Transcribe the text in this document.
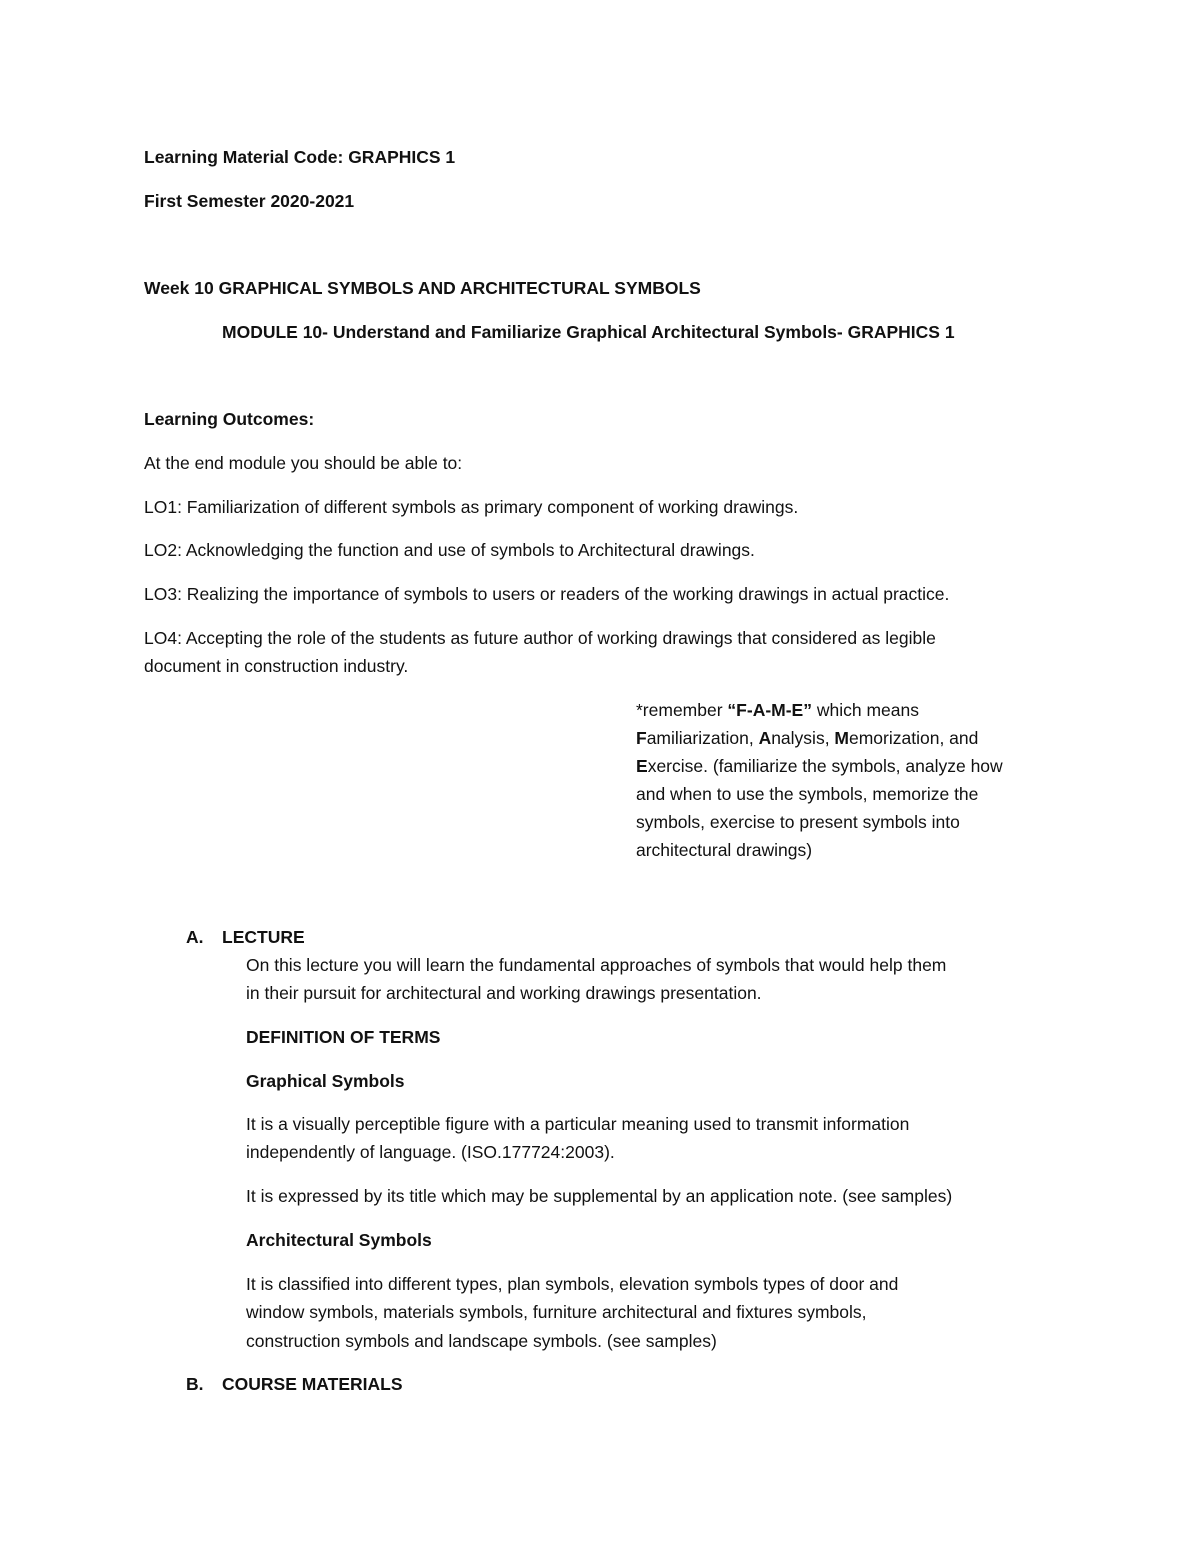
Learning Material Code: GRAPHICS 1
First Semester 2020-2021
Week 10 GRAPHICAL SYMBOLS AND ARCHITECTURAL SYMBOLS
MODULE 10- Understand and Familiarize Graphical Architectural Symbols- GRAPHICS 1
Learning Outcomes:
At the end module you should be able to:
LO1: Familiarization of different symbols as primary component of working drawings.
LO2: Acknowledging the function and use of symbols to Architectural drawings.
LO3: Realizing the importance of symbols to users or readers of the working drawings in actual practice.
LO4: Accepting the role of the students as future author of working drawings that considered as legible
document in construction industry.
*remember “F-A-M-E” which means
Familiarization, Analysis, Memorization, and
Exercise. (familiarize the symbols, analyze how
and when to use the symbols, memorize the
symbols, exercise to present symbols into
architectural drawings)
A. LECTURE
On this lecture you will learn the fundamental approaches of symbols that would help them
in their pursuit for architectural and working drawings presentation.
DEFINITION OF TERMS
Graphical Symbols
It is a visually perceptible figure with a particular meaning used to transmit information
independently of language. (ISO.177724:2003).
It is expressed by its title which may be supplemental by an application note. (see samples)
Architectural Symbols
It is classified into different types, plan symbols, elevation symbols types of door and
window symbols, materials symbols, furniture architectural and fixtures symbols,
construction symbols and landscape symbols. (see samples)
B. COURSE MATERIALS
